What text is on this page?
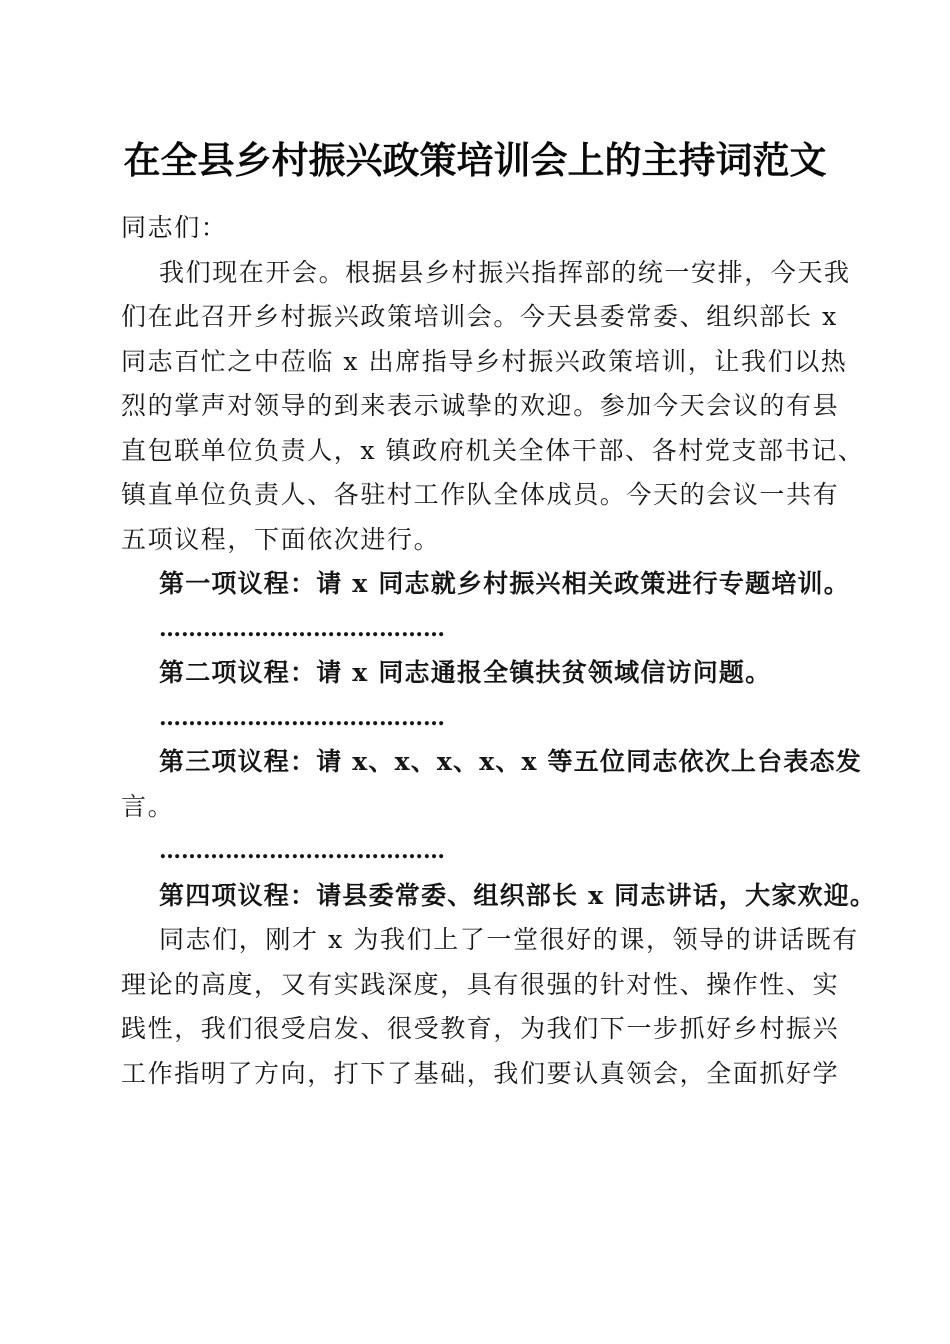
在全县乡村振兴政策培训会上的主持词范文
同志们：
我们现在开会。根据县乡村振兴指挥部的统一安排，今天我
们在此召开乡村振兴政策培训会。今天县委常委、组织部长 x
同志百忙之中莅临 x 出席指导乡村振兴政策培训，让我们以热
烈的掌声对领导的到来表示诚挚的欢迎。参加今天会议的有县
直包联单位负责人，x 镇政府机关全体干部、各村党支部书记、
镇直单位负责人、各驻村工作队全体成员。今天的会议一共有
五项议程，下面依次进行。
第一项议程：请 x 同志就乡村振兴相关政策进行专题培训。
…………………………………
第二项议程：请 x 同志通报全镇扶贫领域信访问题。
…………………………………
第三项议程：请 x、x、x、x、x 等五位同志依次上台表态发
言。
…………………………………
第四项议程：请县委常委、组织部长 x 同志讲话，大家欢迎。
同志们，刚才 x 为我们上了一堂很好的课，领导的讲话既有
理论的高度，又有实践深度，具有很强的针对性、操作性、实
践性，我们很受启发、很受教育，为我们下一步抓好乡村振兴
工作指明了方向，打下了基础，我们要认真领会，全面抓好学
